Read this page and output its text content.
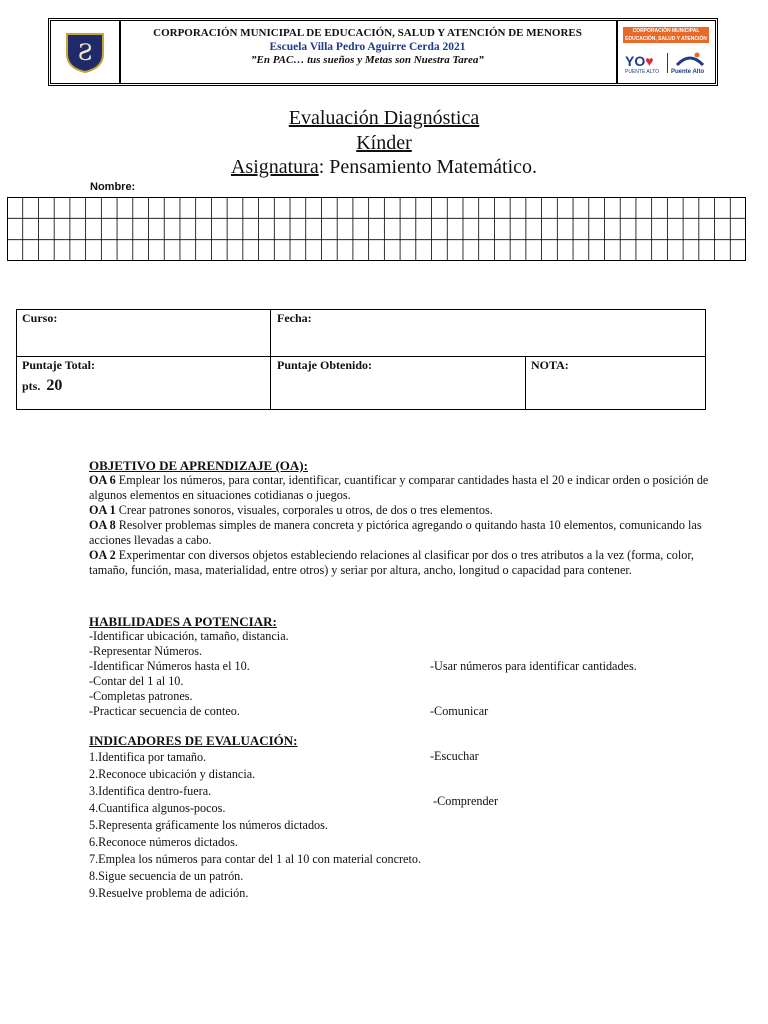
Ƨ
CORPORACIÓN MUNICIPAL DE EDUCACIÓN, SALUD Y ATENCIÓN DE MENORES
Escuela Villa Pedro Aguirre Cerda 2021
”En PAC… tus sueños y Metas son Nuestra Tarea”
CORPORACIÓN MUNICIPAL EDUCACIÓN, SALUD Y ATENCIÓN DE MENORES
YO♥
PUENTE ALTO Puente Alto
Evaluación Diagnóstica
Kínder
Asignatura: Pensamiento Matemático.
Nombre:
Curso:	Fecha:
Puntaje Total:
pts. 20
Puntaje Obtenido:	NOTA:
OBJETIVO DE APRENDIZAJE (OA):
OA 6 Emplear los números, para contar, identificar, cuantificar y comparar cantidades hasta el 20 e indicar orden o posición de algunos elementos en situaciones cotidianas o juegos.
OA 1 Crear patrones sonoros, visuales, corporales u otros, de dos o tres elementos.
OA 8 Resolver problemas simples de manera concreta y pictórica agregando o quitando hasta 10 elementos, comunicando las acciones llevadas a cabo.
OA 2 Experimentar con diversos objetos estableciendo relaciones al clasificar por dos o tres atributos a la vez (forma, color, tamaño, función, masa, materialidad, entre otros) y seriar por altura, ancho, longitud o capacidad para contener.
HABILIDADES A POTENCIAR:
-Identificar ubicación, tamaño, distancia.
-Representar Números.
-Identificar Números hasta el 10.
-Contar del 1 al 10.
-Completas patrones.
-Practicar secuencia de conteo.

-Usar números para identificar cantidades.

-Comunicar

-Escuchar

-Comprender

INDICADORES DE EVALUACIÓN:
1.Identifica por tamaño.
2.Reconoce ubicación y distancia.
3.Identifica dentro-fuera.
4.Cuantifica algunos-pocos.
5.Representa gráficamente los números dictados.
6.Reconoce números dictados.
7.Emplea los números para contar del 1 al 10 con material concreto.
8.Sigue secuencia de un patrón.
9.Resuelve problema de adición.
